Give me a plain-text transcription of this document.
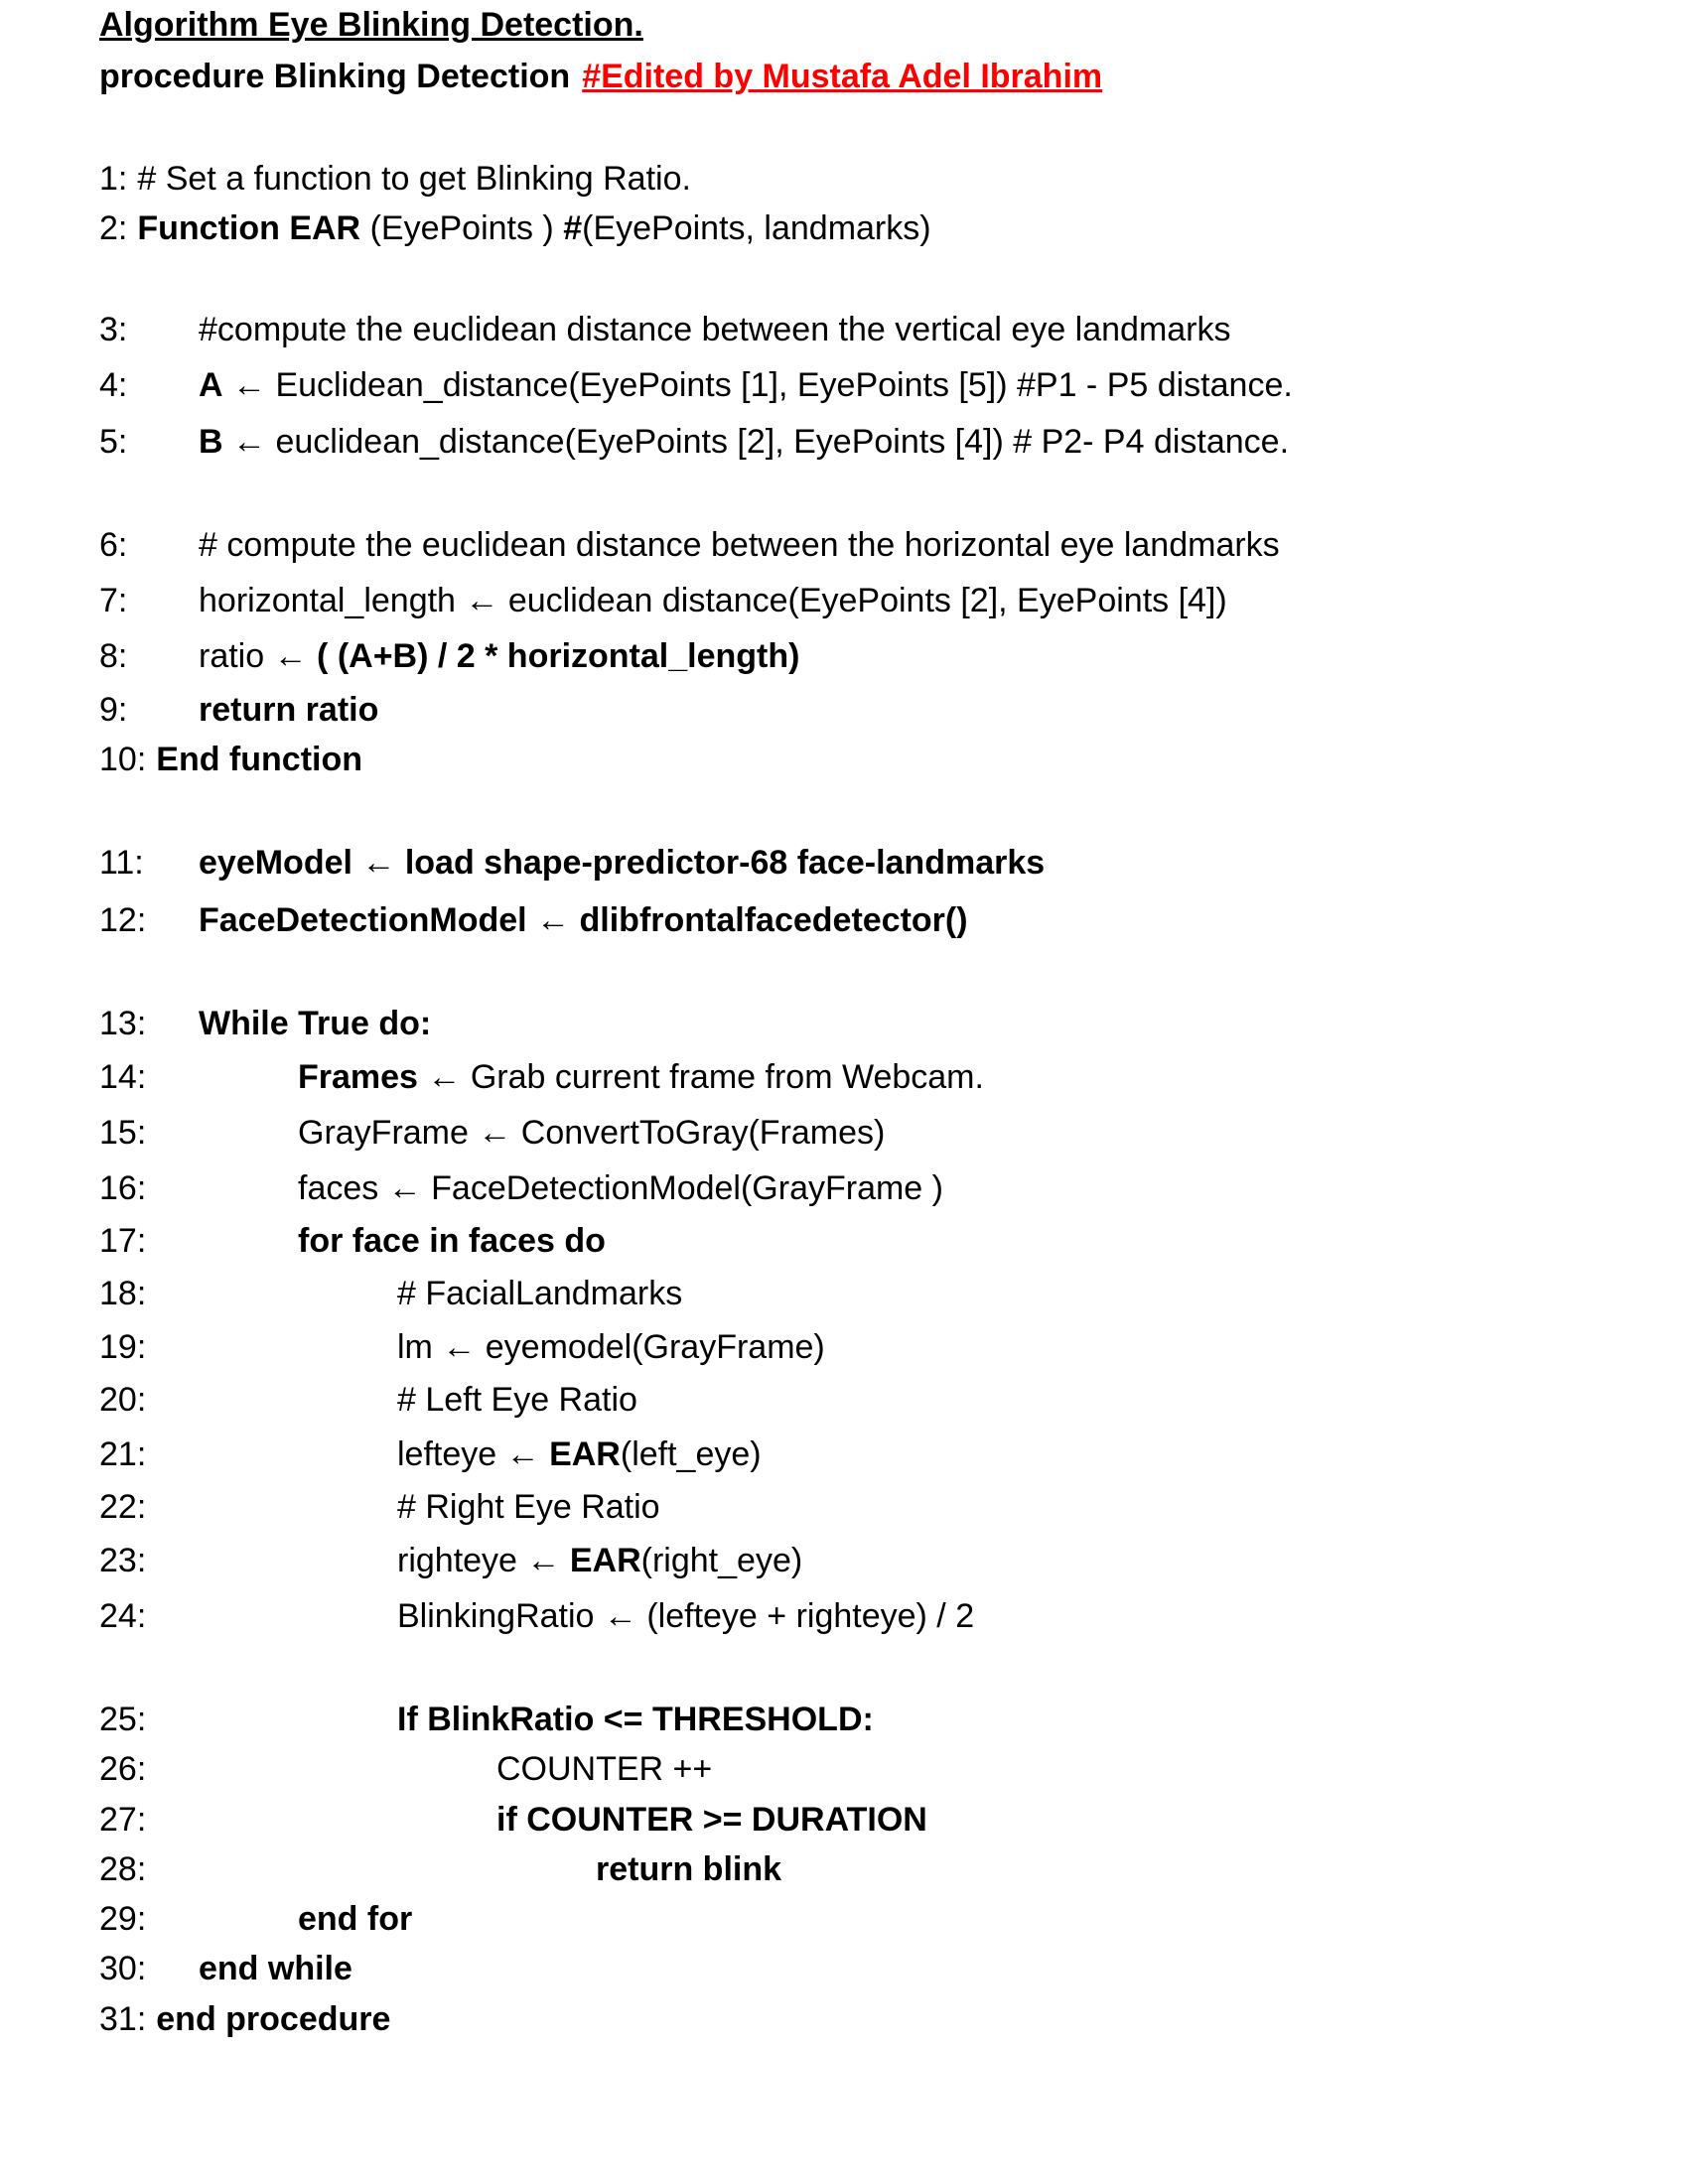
Algorithm Eye Blinking Detection.
procedure Blinking Detection #Edited by Mustafa Adel Ibrahim
1: # Set a function to get Blinking Ratio.
2: Function EAR (EyePoints ) #(EyePoints, landmarks)
3: #compute the euclidean distance between the vertical eye landmarks
4: A ← Euclidean_distance(EyePoints [1], EyePoints [5]) #P1 - P5 distance.
5: B ← euclidean_distance(EyePoints [2], EyePoints [4]) # P2- P4 distance.
6: # compute the euclidean distance between the horizontal eye landmarks
7: horizontal_length ← euclidean distance(EyePoints [2], EyePoints [4])
8: ratio ← ( (A+B) / 2 * horizontal_length)
9: return ratio
10: End function
11: eyeModel ← load shape-predictor-68 face-landmarks
12: FaceDetectionModel ← dlibfrontalfacedetector()
13: While True do:
14:	Frames ← Grab current frame from Webcam.
15:	GrayFrame ← ConvertToGray(Frames)
16:	faces ← FaceDetectionModel(GrayFrame )
17:	for face in faces do
18:	# FacialLandmarks
19:	lm ← eyemodel(GrayFrame)
20:	# Left Eye Ratio
21:	lefteye ← EAR(left_eye)
22:	# Right Eye Ratio
23:	righteye ← EAR(right_eye)
24:	BlinkingRatio ← (lefteye + righteye) / 2
25:	If BlinkRatio <= THRESHOLD:
26:	COUNTER ++
27:	if COUNTER >= DURATION
28:	return blink
29:	end for
30: end while
31: end procedure
